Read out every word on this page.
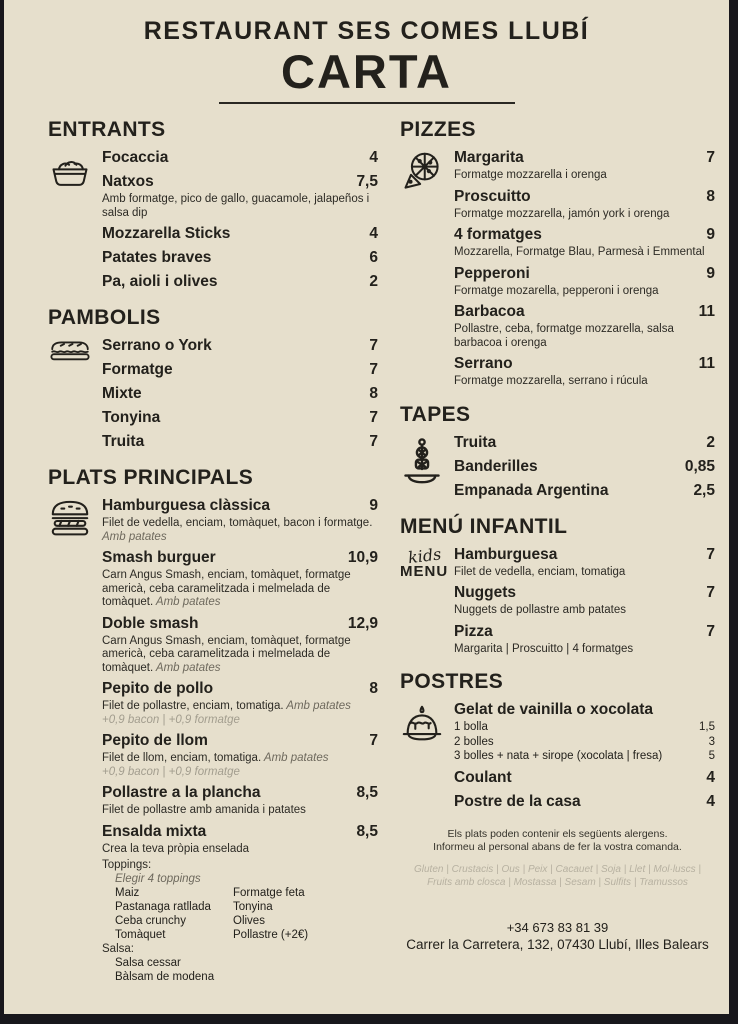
RESTAURANT SES COMES LLUBÍ
CARTA
ENTRANTS
Focaccia	4
Natxos	7,5
Amb formatge, pico de gallo, guacamole, jalapeños i salsa dip
Mozzarella Sticks	4
Patates braves	6
Pa, aioli i olives	2
PAMBOLIS
Serrano o York	7
Formatge	7
Mixte	8
Tonyina	7
Truita	7
PLATS PRINCIPALS
Hamburguesa clàssica	9
Filet de vedella, enciam, tomàquet, bacon i formatge. Amb patates
Smash burguer	10,9
Carn Angus Smash, enciam, tomàquet, formatge americà, ceba caramelitzada i melmelada de tomàquet. Amb patates
Doble smash	12,9
Carn Angus Smash, enciam, tomàquet, formatge americà, ceba caramelitzada i melmelada de tomàquet. Amb patates
Pepito de pollo	8
Filet de pollastre, enciam, tomatiga. Amb patates
+0,9 bacon | +0,9 formatge
Pepito de llom	7
Filet de llom, enciam, tomatiga. Amb patates
+0,9 bacon | +0,9 formatge
Pollastre a la plancha	8,5
Filet de pollastre amb amanida i patates
Ensalda mixta	8,5
Crea la teva pròpia enselada
Toppings:
Elegir 4 toppings
Maiz
Pastanaga ratllada
Ceba crunchy
Tomàquet
Formatge feta
Tonyina
Olives
Pollastre (+2€)
Salsa:
Salsa cessar
Bàlsam de modena
PIZZES
Margarita	7
Formatge mozzarella i orenga
Proscuitto	8
Formatge mozzarella, jamón york i orenga
4 formatges	9
Mozzarella, Formatge Blau, Parmesà i Emmental
Pepperoni	9
Formatge mozarella, pepperoni i orenga
Barbacoa	11
Pollastre, ceba, formatge mozzarella, salsa barbacoa i orenga
Serrano	11
Formatge mozzarella, serrano i rúcula
TAPES
Truita	2
Banderilles	0,85
Empanada Argentina	2,5
MENÚ INFANTIL
kids
MENU
Hamburguesa	7
Filet de vedella, enciam, tomatiga
Nuggets	7
Nuggets de pollastre amb patates
Pizza	7
Margarita | Proscuitto | 4 formatges
POSTRES
Gelat de vainilla o xocolata
1 bolla	1,5
2 bolles	3
3 bolles + nata + sirope (xocolata | fresa)	5
Coulant	4
Postre de la casa	4
Els plats poden contenir els següents alergens.
Informeu al personal abans de fer la vostra comanda.
Gluten | Crustacis | Ous | Peix | Cacauet | Soja | Llet | Mol·luscs | Fruits amb closca | Mostassa | Sesam | Sulfits | Tramussos
+34 673 83 81 39
Carrer la Carretera, 132, 07430 Llubí, Illes Balears
